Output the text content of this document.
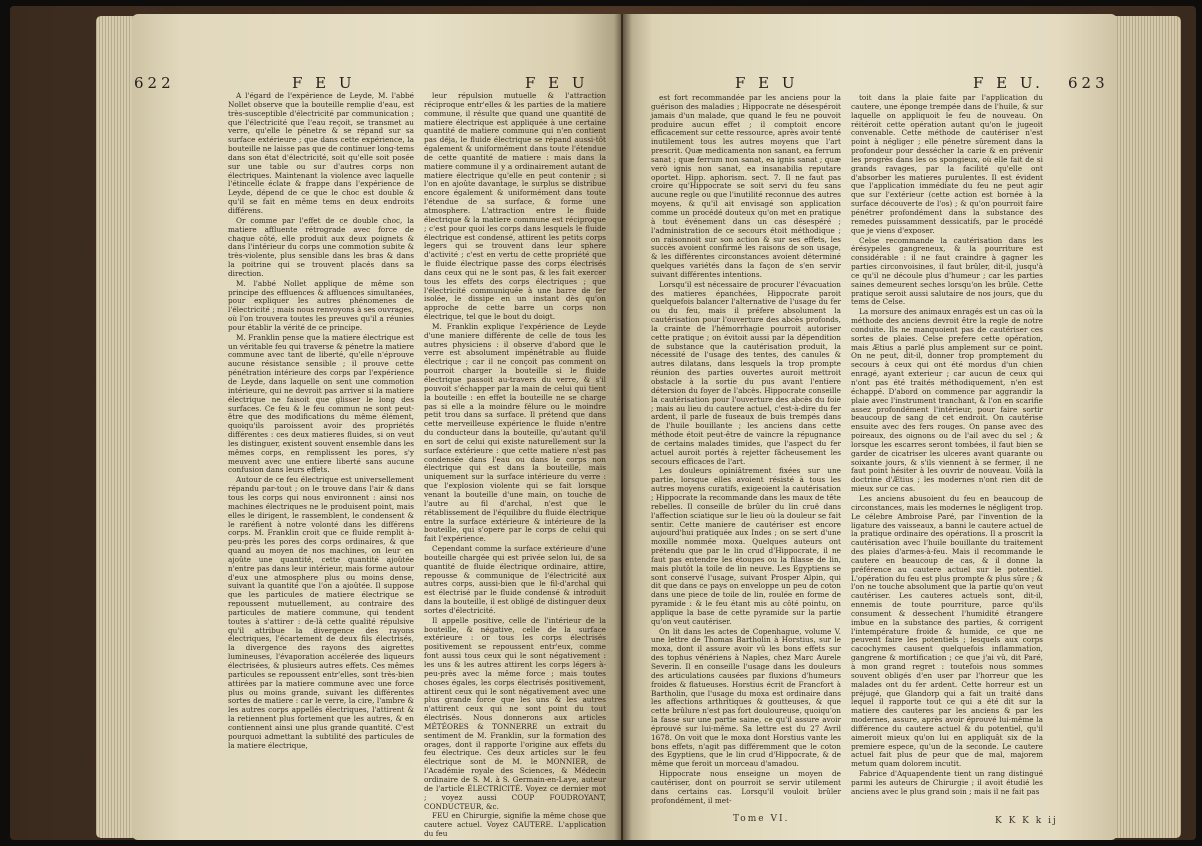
622	F E U	F E U

A l'égard de l'expérience de Leyde, M. l'abbé Nollet observe que la bouteille remplie d'eau, est très-susceptible d'électricité par communication ; que l'électricité que l'eau reçoit, se transmet au verre, qu'elle le pénetre & se répand sur sa surface extérieure ; que dans cette expérience, la bouteille ne laisse pas que de continuer long-tems dans son état d'électricité, soit qu'elle soit posée sur une table ou sur d'autres corps non électriques. Maintenant la violence avec laquelle l'étincelle éclate & frappe dans l'expérience de Leyde, dépend de ce que le choc est double & qu'il se fait en même tems en deux endroits différens.

Or comme par l'effet de ce double choc, la matiere affluente rétrograde avec force de chaque côté, elle produit aux deux poignets & dans l'intérieur du corps une commotion subite & très-violente, plus sensible dans les bras & dans la poitrine qui se trouvent placés dans sa direction.

M. l'abbé Nollet applique de même son principe des effluences & affluences simultanées, pour expliquer les autres phénomenes de l'électricité ; mais nous renvoyons à ses ouvrages, où l'on trouvera toutes les preuves qu'il a réunies pour établir la vérité de ce principe.

M. Franklin pense que la matiere électrique est un véritable feu qui traverse & pénetre la matiere commune avec tant de liberté, qu'elle n'éprouve aucune résistance sensible ; il prouve cette pénétration intérieure des corps par l'expérience de Leyde, dans laquelle on sent une commotion intérieure, qui ne devroit pas arriver si la matiere électrique ne faisoit que glisser le long des surfaces. Ce feu & le feu commun ne sont peut-être que des modifications du même élément, quoiqu'ils paroissent avoir des propriétés différentes : ces deux matieres fluides, si on veut les distinguer, existent souvent ensemble dans les mêmes corps, en remplissent les pores, s'y meuvent avec une entiere liberté sans aucune confusion dans leurs effets.

Autour de ce feu électrique est universellement répandu par-tout ; on le trouve dans l'air & dans tous les corps qui nous environnent : ainsi nos machines électriques ne le produisent point, mais elles le dirigent, le rassemblent, le condensent & le raréfient à notre volonté dans les différens corps. M. Franklin croit que ce fluide remplit à-peu-près les pores des corps ordinaires, & que quand au moyen de nos machines, on leur en ajoûte une quantité, cette quantité ajoûtée n'entre pas dans leur intérieur, mais forme autour d'eux une atmosphere plus ou moins dense, suivant la quantité que l'on a ajoûtée. Il suppose que les particules de matiere électrique se repoussent mutuellement, au contraire des particules de matiere commune, qui tendent toutes à s'attirer : de-là cette qualité répulsive qu'il attribue la divergence des rayons électriques, l'écartement de deux fils électrisés, la divergence des rayons des aigrettes lumineuses, l'évaporation accélerée des liqueurs électrisées, & plusieurs autres effets. Ces mêmes particules se repoussent entr'elles, sont très-bien attirées par la matiere commune avec une force plus ou moins grande, suivant les différentes sortes de matiere : car le verre, la cire, l'ambre & les autres corps appellés électriques, l'attirent & la retiennent plus fortement que les autres, & en contiennent ainsi une plus grande quantité. C'est pourquoi admettant la subtilité des particules de la matiere électrique,

leur répulsion mutuelle & l'attraction réciproque entr'elles & les parties de la matiere commune, il résulte que quand une quantité de matiere électrique est appliquée à une certaine quantité de matiere commune qui n'en contient pas déja, le fluide électrique se répand aussi-tôt également & uniformément dans toute l'étendue de cette quantité de matiere : mais dans la matiere commune il y a ordinairement autant de matiere électrique qu'elle en peut contenir ; si l'on en ajoûte davantage, le surplus se distribue encore également & uniformément dans toute l'étendue de sa surface, & forme une atmosphere. L'attraction entre le fluide électrique & la matiere commune est réciproque ; c'est pour quoi les corps dans lesquels le fluide électrique est condensé, attirent les petits corps legers qui se trouvent dans leur sphere d'activité ; c'est en vertu de cette propriété que le fluide électrique passe des corps électrisés dans ceux qui ne le sont pas, & les fait exercer tous les effets des corps électriques ; que l'électricité communiquée à une barre de fer isolée, le dissipe en un instant dès qu'on approche de cette barre un corps non électrique, tel que le bout du doigt.

M. Franklin explique l'expérience de Leyde d'une maniere différente de celle de tous les autres physiciens : il observe d'abord que le verre est absolument impénétrable au fluide électrique ; car il ne conçoit pas comment on pourroit charger la bouteille si le fluide électrique passoit au-travers du verre, & s'il pouvoit s'échapper par la main de celui qui tient la bouteille : en effet la bouteille ne se charge pas si elle a la moindre félure ou le moindre petit trou dans sa surface. Il prétend que dans cette merveilleuse expérience le fluide n'entre du conducteur dans la bouteille, qu'autant qu'il en sort de celui qui existe naturellement sur la surface extérieure : que cette matiere n'est pas condensée dans l'eau ou dans le corps non électrique qui est dans la bouteille, mais uniquement sur la surface intérieure du verre : que l'explosion violente qui se fait lorsque venant la bouteille d'une main, on touche de l'autre au fil d'archal, n'est que le rétablissement de l'équilibre du fluide électrique entre la surface extérieure & intérieure de la bouteille, qui s'opere par le corps de celui qui fait l'expérience.

Cependant comme la surface extérieure d'une bouteille chargée qui est privée selon lui, de sa quantité de fluide électrique ordinaire, attire, repousse & communique de l'électricité aux autres corps, aussi-bien que le fil-d'archal qui est électrisé par le fluide condensé & introduit dans la bouteille, il est obligé de distinguer deux sortes d'électricité.

Il appelle positive, celle de l'intérieur de la bouteille, & négative, celle de la surface extérieure : or tous les corps électrisés positivement se repoussent entr'eux, comme font aussi tous ceux qui le sont négativement : les uns & les autres attirent les corps légers à-peu-près avec la même force ; mais toutes choses égales, les corps électrisés positivement, attirent ceux qui le sont négativement avec une plus grande force que les uns & les autres n'attirent ceux qui ne sont point du tout électrisés. Nous donnerons aux articles MÉTÉORES & TONNERRE un extrait du sentiment de M. Franklin, sur la formation des orages, dont il rapporte l'origine aux effets du feu électrique. Ces deux articles sur le feu électrique sont de M. le MONNIER, de l'Académie royale des Sciences, & Médecin ordinaire de S. M. à S. Germain-en-Laye, auteur de l'article ÉLECTRICITÉ. Voyez ce dernier mot ; voyez aussi COUP FOUDROYANT, CONDUCTEUR, &c.

FEU en Chirurgie, signifie la même chose que cautere actuel. Voyez CAUTERE. L'application du feu

F E U	F E U. 623

est fort recommandée par les anciens pour la guérison des maladies ; Hippocrate ne désespéroit jamais d'un malade, que quand le feu ne pouvoit produire aucun effet ; il comptoit encore efficacement sur cette ressource, après avoir tenté inutilement tous les autres moyens que l'art prescrit. Quæ medicamenta non sanant, ea ferrum sanat ; quæ ferrum non sanat, ea ignis sanat ; quæ verò ignis non sanat, ea insanabilia reputare oportet. Hipp. aphorism. sect. 7. Il ne faut pas croire qu'Hippocrate se soit servi du feu sans aucune regle ou que l'inutilité reconnue des autres moyens, & qu'il ait envisagé son application comme un procédé douteux qu'on met en pratique à tout événement dans un cas désespéré ; l'administration de ce secours étoit méthodique ; on raisonnoit sur son action & sur ses effets, les succès avoient confirmé les raisons de son usage, & les différentes circonstances avoient déterminé quelques variétés dans la façon de s'en servir suivant différentes intentions.

Lorsqu'il est nécessaire de procurer l'évacuation des matieres épanchées, Hippocrate paroit quelquefois balancer l'alternative de l'usage du fer ou du feu, mais il préfere absolument la cautérisation pour l'ouverture des abcès profonds, la crainte de l'hémorrhagie pourroit autoriser cette pratique ; on évitoit aussi par la dépendition de substance que la cautérisation produit, la nécessité de l'usage des tentes, des canules & autres dilatans, dans lesquels la trop prompte réunion des parties ouvertes auroit mettroit obstacle à la sortie du pus avant l'entiere détersion du foyer de l'abcès. Hippocrate conseille la cautérisation pour l'ouverture des abcès du foie ; mais au lieu du cautere actuel, c'est-à-dire du fer ardent, il parle de fuseaux de buis trempés dans de l'huile bouillante ; les anciens dans cette méthode étoit peut-être de vaincre la répugnance de certains malades timides, que l'aspect du fer actuel auroit portés à rejetter fâcheusement les secours efficaces de l'art.

Les douleurs opiniâtrement fixées sur une partie, lorsque elles avoient résisté à tous les autres moyens curatifs, exigeoient la cautérisation ; Hippocrate la recommande dans les maux de tête rebelles. Il conseille de brûler du lin cruë dans l'affection sciatique sur le lieu où la douleur se fait sentir. Cette maniere de cautériser est encore aujourd'hui pratiquée aux Indes ; on se sert d'une moxille nommée moxa. Quelques auteurs ont prétendu que par le lin crud d'Hippocrate, il ne faut pas entendre les étoupes ou la filasse de lin, mais plutôt la toile de lin neuve. Les Egyptiens se sont conservé l'usage, suivant Prosper Alpin, qui dit que dans ce pays on enveloppe un peu de coton dans une piece de toile de lin, roulée en forme de pyramide : & le feu étant mis au côté pointu, on applique la base de cette pyramide sur la partie qu'on veut cautériser.

On lit dans les actes de Copenhague, volume V. une lettre de Thomas Bartholin à Horstius, sur le moxa, dont il assure avoir vû les bons effets sur des tophus vénériens à Naples, chez Marc Aurele Severin. Il en conseille l'usage dans les douleurs des articulations causées par fluxions d'humeurs froides & flatueuses. Horstius écrit de Francfort à Bartholin, que l'usage du moxa est ordinaire dans les affections arthritiques & goutteuses, & que cette brûlure n'est pas fort douloureuse, quoiqu'on la fasse sur une partie saine, ce qu'il assure avoir éprouvé sur lui-même. Sa lettre est du 27 Avril 1678. On voit que le moxa dont Horstius vante les bons effets, n'agit pas différemment que le coton des Egyptiens, que le lin crud d'Hippocrate, & de même que feroit un morceau d'amadou.

Hippocrate nous enseigne un moyen de cautériser, dont on pourroit se servir utilement dans certains cas. Lorsqu'il vouloit brûler profondément, il met-

toit dans la plaie faite par l'application du cautere, une éponge trempée dans de l'huile, & sur laquelle on appliquoit le feu de nouveau. On réitéroit cette opération autant qu'on le jugeoit convenable. Cette méthode de cautériser n'est point à négliger ; elle pénetre sûrement dans la profondeur pour dessécher la carie & en prévenir les progrès dans les os spongieux, où elle fait de si grands ravages, par la facilité qu'elle ont d'absorber les matieres purulentes. Il est évident que l'application immédiate du feu ne peut agir que sur l'extérieur (cette action est bornée à la surface découverte de l'os) ; & qu'on pourroit faire pénétrer profondément dans la substance des remedes puissamment dessicatifs, par le procédé que je viens d'exposer.

Celse recommande la cautérisation dans les érésypeles gangreneux, & la pourriture est considérable : il ne faut craindre à gagner les parties circonvoisines, il faut brûler, dit-il, jusqu'à ce qu'il ne découle plus d'humeur ; car les parties saines demeurent seches lorsqu'on les brûle. Cette pratique seroit aussi salutaire de nos jours, que du tems de Celse.

La morsure des animaux enragés est un cas où la méthode des anciens devroit être la regle de notre conduite. Ils ne manquoient pas de cautériser ces sortes de plaies. Celse prefere cette opération, mais Ætius a parlé plus amplement sur ce point. On ne peut, dit-il, donner trop promptement du secours à ceux qui ont été mordus d'un chien enragé, ayant exterieur ; car aucun de ceux qui n'ont pas été traités méthodiquement, n'en est échappé. D'abord on commence par aggrandir la plaie avec l'instrument tranchant, & l'on en scarifie assez profondément l'intérieur, pour faire sortir beaucoup de sang de cet endroit. On cautérise ensuite avec des fers rouges. On panse avec des poireaux, des oignons ou de l'ail avec du sel ; & lorsque les escarres seront tombées, il faut bien se garder de cicatriser les ulceres avant quarante ou soixante jours, & s'ils viennent à se fermer, il ne faut point hésiter à les ouvrir de nouveau. Voilà la doctrine d'Ætius ; les modernes n'ont rien dit de mieux sur ce cas.

Les anciens abusoient du feu en beaucoup de circonstances, mais les modernes le négligent trop. Le célebre Ambroise Paré, par l'invention de la ligature des vaisseaux, a banni le cautere actuel de la pratique ordinaire des opérations. Il a proscrit la cautérisation avec l'huile bouillante du traitement des plaies d'armes-à-feu. Mais il recommande le cautere en beaucoup de cas, & il donne la préférence au cautere actuel sur le potentiel. L'opération du feu est plus prompte & plus sûre ; & l'on ne touche absolument que la partie qu'on veut cautériser. Les cauteres actuels sont, dit-il, ennemis de toute pourriture, parce qu'ils consument & dessechent l'humidité étrangere imbue en la substance des parties, & corrigent l'intempérature froide & humide, ce que ne peuvent faire les potentiels ; lesquels aux corps cacochymes causent quelquefois inflammation, gangrene & mortification ; ce que j'ai vû, dit Paré, à mon grand regret : toutefois nous sommes souvent obligés d'en user par l'horreur que les malades ont du fer ardent. Cette horreur est un préjugé, que Glandorp qui a fait un traité dans lequel il rapporte tout ce qui a été dit sur la matiere des cauteres par les anciens & par les modernes, assure, après avoir éprouvé lui-même la différence du cautere actuel & du potentiel, qu'il aimeroit mieux qu'on lui en appliquât six de la premiere espece, qu'un de la seconde. Le cautere actuel fait plus de peur que de mal, majorem metum quam dolorem incutit.

Fabrice d'Aquapendente tient un rang distingué parmi les auteurs de Chirurgie ; il avoit étudié les anciens avec le plus grand soin ; mais il ne fait pas

Tome VI.	K K K k ij
